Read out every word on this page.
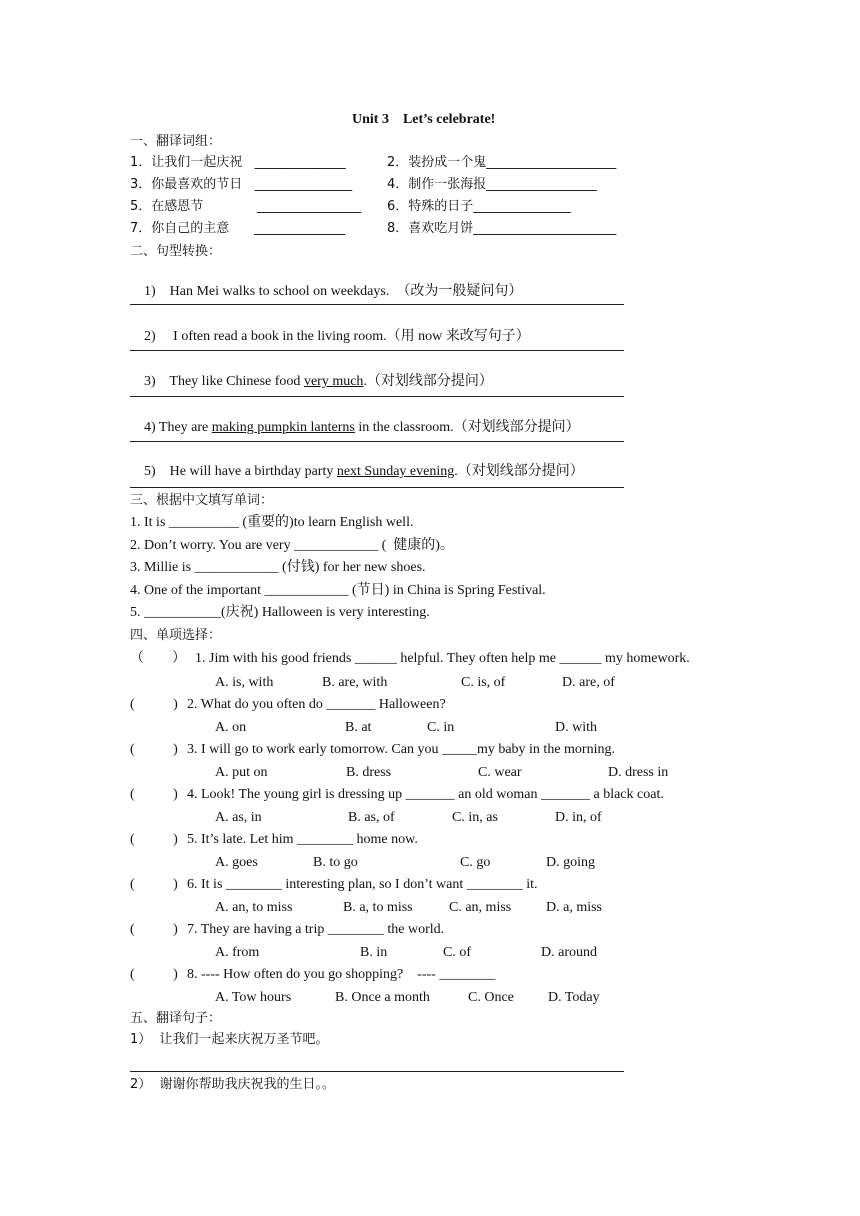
Unit 3    Let’s celebrate!
一、翻译词组：
1．让我们一起庆祝   ______________	2．装扮成一个鬼____________________
3．你最喜欢的节日   _______________	4．制作一张海报_________________
5．在感恩节             ________________ 6．特殊的日子_______________
7．你自己的主意      ______________	8．喜欢吃月饼______________________
二、句型转换：

1)    Han Mei walks to school on weekdays.  （改为一般疑问句）

2)     I often read a book in the living room.（用 now 来改写句子）

3)    They like Chinese food very much.（对划线部分提问）

4) They are making pumpkin lanterns in the classroom.（对划线部分提问）

5)    He will have a birthday party next Sunday evening.（对划线部分提问）

三、根据中文填写单词：
1. It is __________ (重要的)to learn English well.
2. Don’t worry. You are very ____________ (  健康的)。
3. Millie is ____________ (付钱) for her new shoes.
4. One of the important ____________ (节日) in China is Spring Festival.
5. ___________(庆祝) Halloween is very interesting.
四、单项选择：
（        ） 1. Jim with his good friends ______ helpful. They often help me ______ my homework.
A. is, with	B. are, with	C. is, of	D. are, of
(           ) 2. What do you often do _______ Halloween?
A. on	B. at	C. in	D. with
(           ) 3. I will go to work early tomorrow. Can you _____my baby in the morning.
A. put on	B. dress	C. wear	D. dress in
(           ) 4. Look! The young girl is dressing up _______ an old woman _______ a black coat.
A. as, in	B. as, of	C. in, as	D. in, of
(           ) 5. It’s late. Let him ________ home now.
A. goes	B. to go	C. go	D. going
(           ) 6. It is ________ interesting plan, so I don’t want ________ it.
A. an, to miss	B. a, to miss	C. an, miss D. a, miss
(           ) 7. They are having a trip ________ the world.
A. from	B. in	C. of	D. around
(           ) 8. ---- How often do you go shopping?    ---- ________
A. Tow hours	B. Once a month	C. Once D. Today
五、翻译句子：
1）  让我们一起来庆祝万圣节吧。
2）  谢谢你帮助我庆祝我的生日。。
